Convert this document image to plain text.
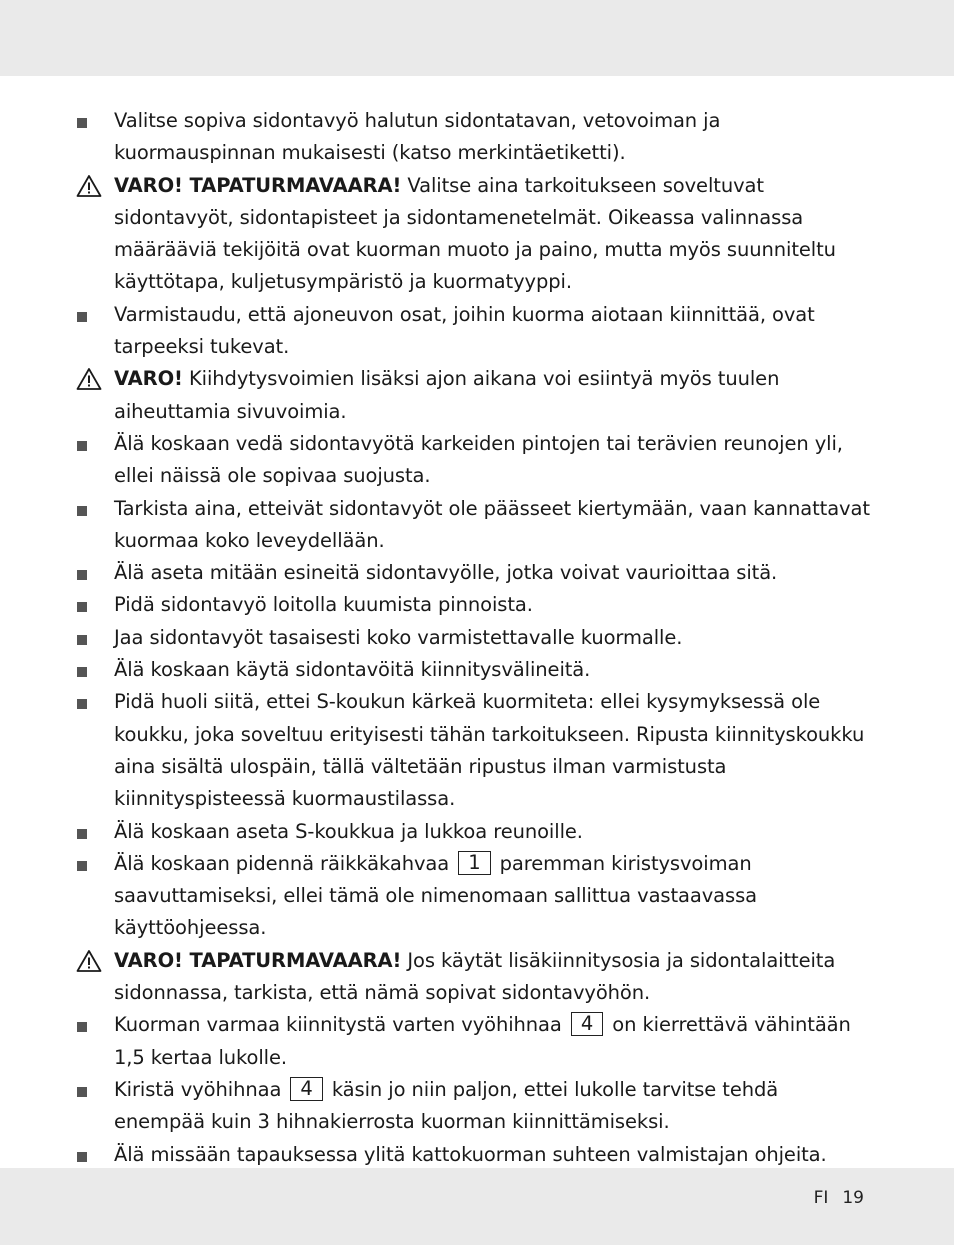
Valitse sopiva sidontavyö halutun sidontatavan, vetovoiman ja kuormauspinnan mukaisesti (katso merkintäetiketti).
VARO! TAPATURMAVAARA! Valitse aina tarkoitukseen soveltuvat sidontavyöt, sidontapisteet ja sidontamenetelmät. Oikeassa valinnassa määrääviä tekijöitä ovat kuorman muoto ja paino, mutta myös suunniteltu käyttötapa, kuljetusympäristö ja kuormatyyppi.
Varmistaudu, että ajoneuvon osat, joihin kuorma aiotaan kiinnittää, ovat tarpeeksi tukevat.
VARO! Kiihdytysvoimien lisäksi ajon aikana voi esiintyä myös tuulen aiheuttamia sivuvoimia.
Älä koskaan vedä sidontavyötä karkeiden pintojen tai terävien reunojen yli, ellei näissä ole sopivaa suojusta.
Tarkista aina, etteivät sidontavyöt ole päässeet kiertymään, vaan kannattavat kuormaa koko leveydellään.
Älä aseta mitään esineitä sidontavyölle, jotka voivat vaurioittaa sitä.
Pidä sidontavyö loitolla kuumista pinnoista.
Jaa sidontavyöt tasaisesti koko varmistettavalle kuormalle.
Älä koskaan käytä sidontavöitä kiinnitysvälineitä.
Pidä huoli siitä, ettei S-koukun kärkeä kuormiteta: ellei kysymyksessä ole koukku, joka soveltuu erityisesti tähän tarkoitukseen. Ripusta kiinnityskoukku aina sisältä ulospäin, tällä vältetään ripustus ilman varmistusta kiinnityspisteessä kuormaustilassa.
Älä koskaan aseta S-koukkua ja lukkoa reunoille.
Älä koskaan pidennä räikkäkahvaa 1 paremman kiristysvoiman saavuttamiseksi, ellei tämä ole nimenomaan sallittua vastaavassa käyttöohjeessa.
VARO! TAPATURMAVAARA! Jos käytät lisäkiinnitysosia ja sidontalaitteita sidonnassa, tarkista, että nämä sopivat sidontavyöhön.
Kuorman varmaa kiinnitystä varten vyöhihnaa 4 on kierrettävä vähintään 1,5 kertaa lukolle.
Kiristä vyöhihnaa 4 käsin jo niin paljon, ettei lukolle tarvitse tehdä enempää kuin 3 hihnakierrosta kuorman kiinnittämiseksi.
Älä missään tapauksessa ylitä kattokuorman suhteen valmistajan ohjeita.
FI 19
